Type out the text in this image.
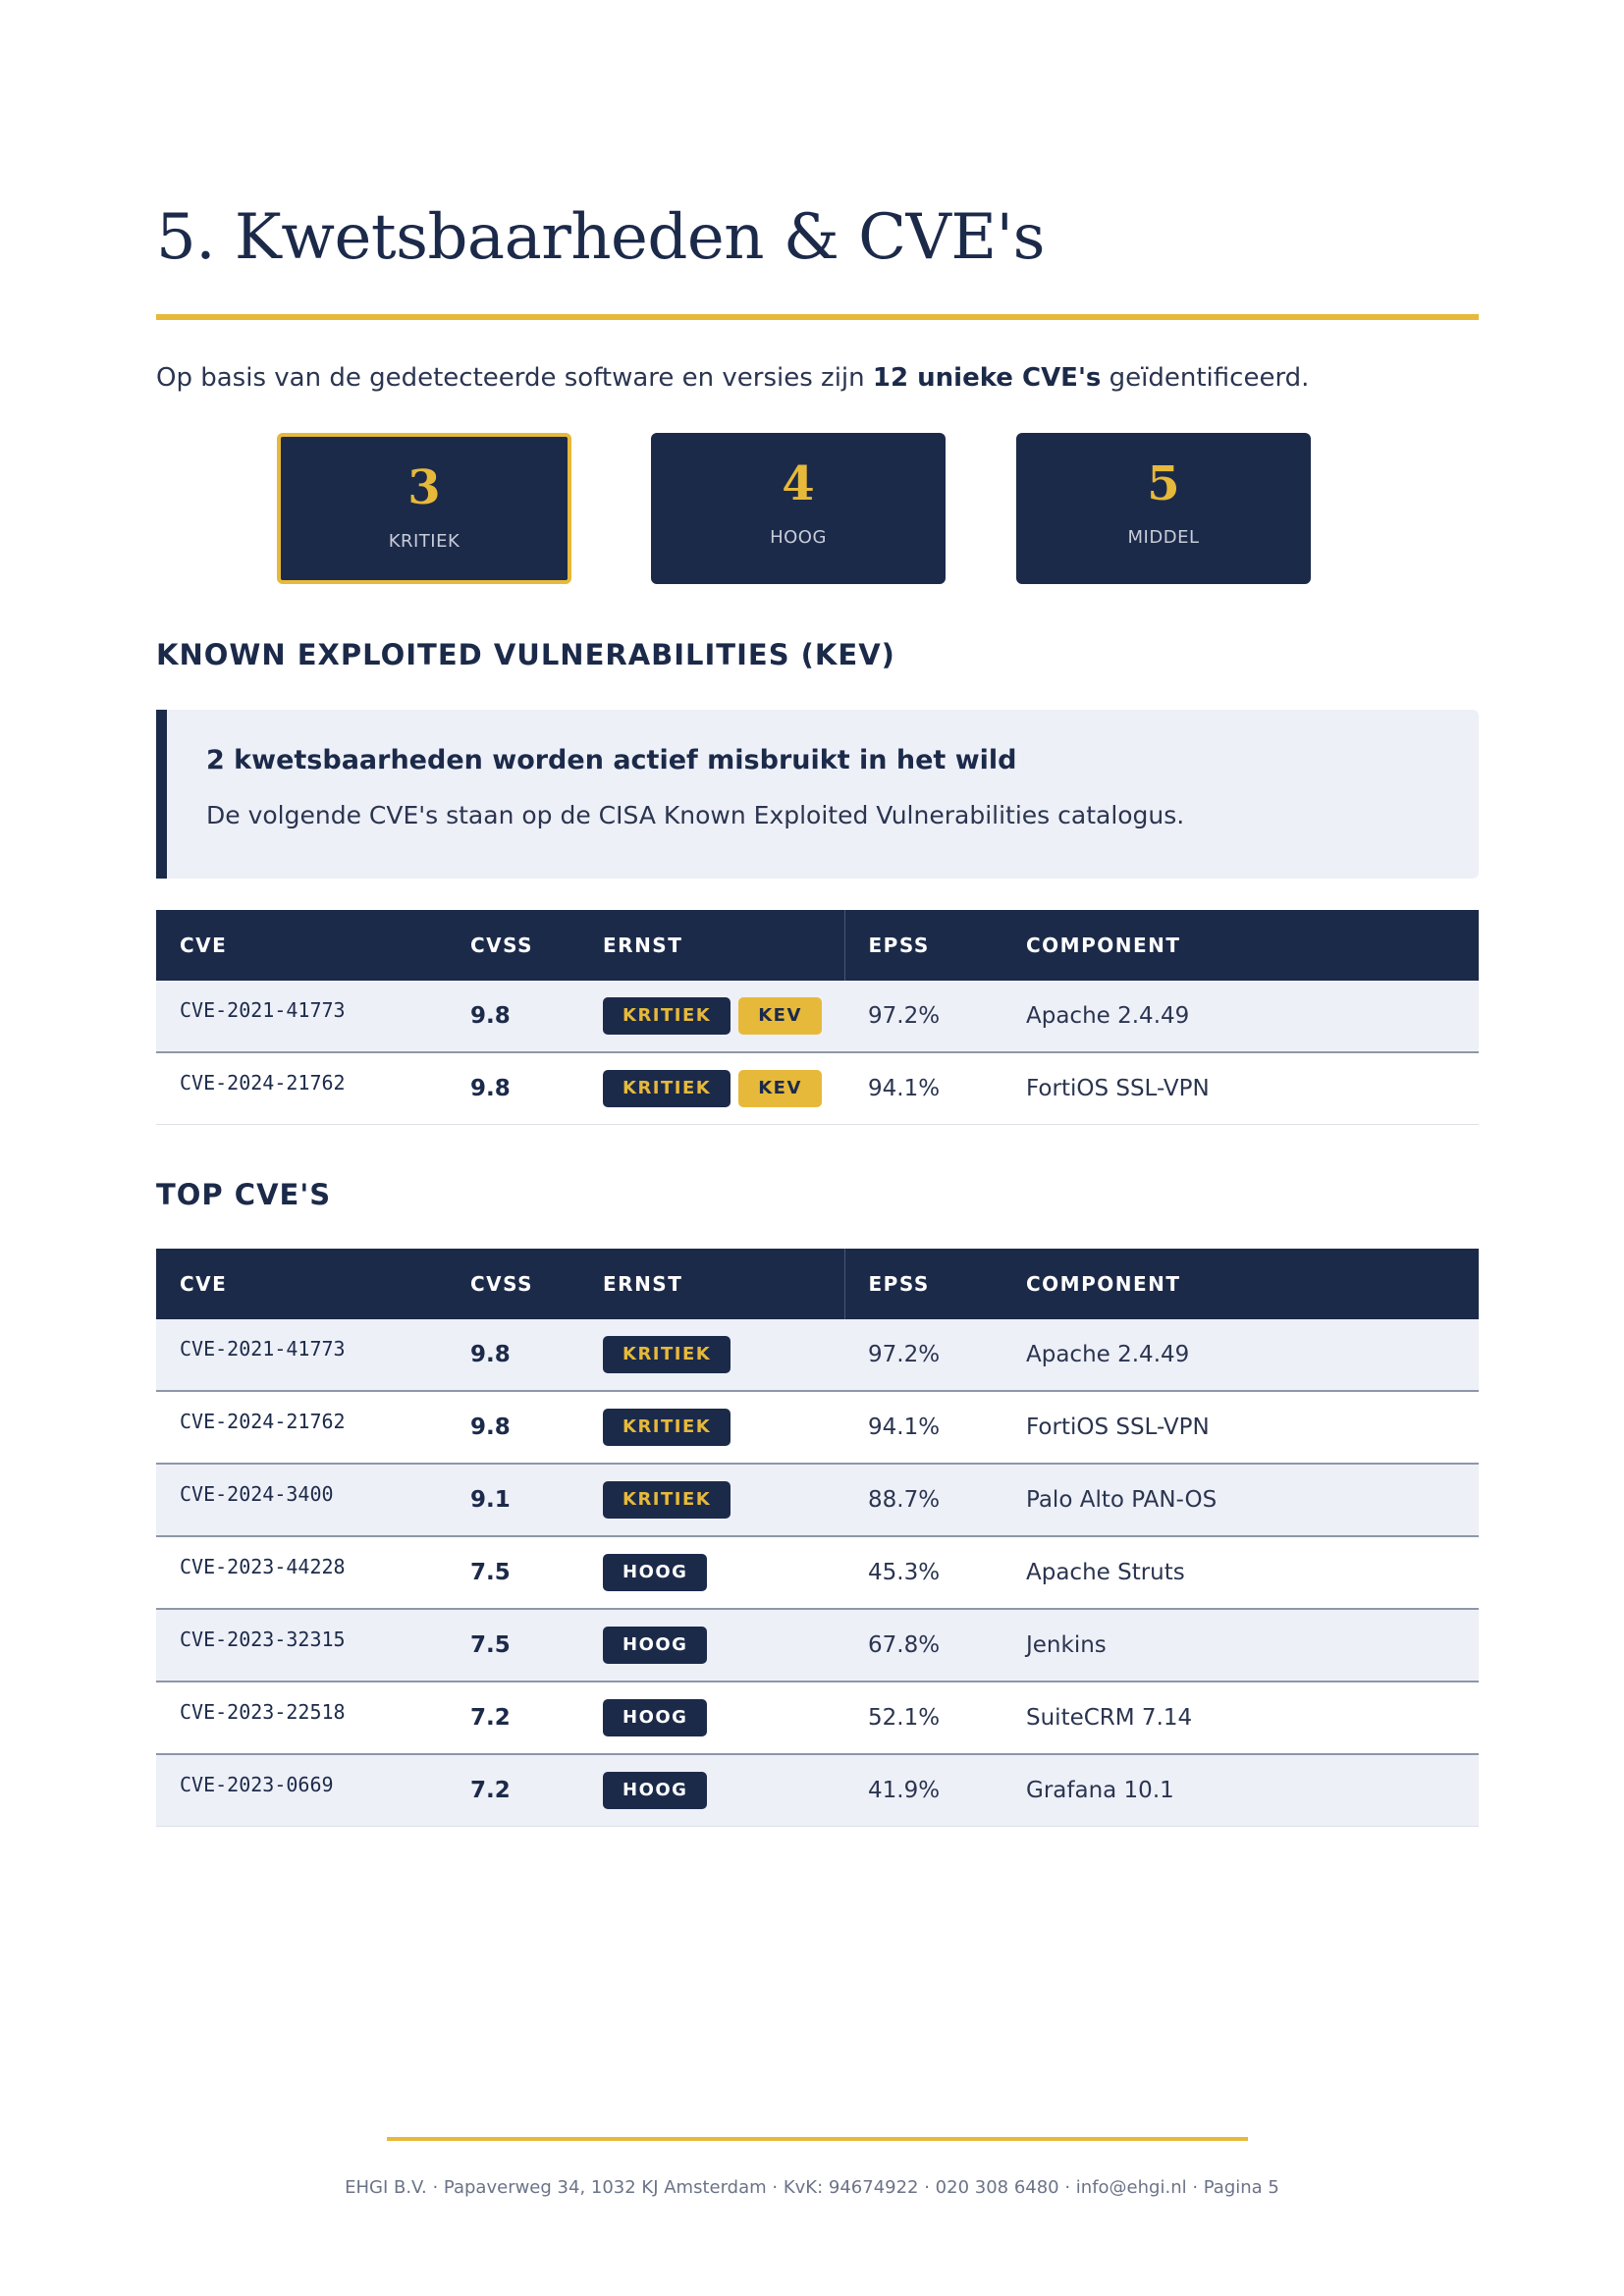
5. Kwetsbaarheden & CVE's
Op basis van de gedetecteerde software en versies zijn 12 unieke CVE's geïdentificeerd.
3
KRITIEK
4
HOOG
5
MIDDEL
KNOWN EXPLOITED VULNERABILITIES (KEV)
2 kwetsbaarheden worden actief misbruikt in het wild
De volgende CVE's staan op de CISA Known Exploited Vulnerabilities catalogus.
CVE	CVSS	ERNST	EPSS	COMPONENT
CVE-2021-41773	9.8	KRITIEK KEV	97.2%	Apache 2.4.49
CVE-2024-21762	9.8	KRITIEK KEV	94.1%	FortiOS SSL-VPN
TOP CVE'S
CVE	CVSS	ERNST	EPSS	COMPONENT
CVE-2021-41773	9.8	KRITIEK	97.2%	Apache 2.4.49
CVE-2024-21762	9.8	KRITIEK	94.1%	FortiOS SSL-VPN
CVE-2024-3400	9.1	KRITIEK	88.7%	Palo Alto PAN-OS
CVE-2023-44228	7.5	HOOG	45.3%	Apache Struts
CVE-2023-32315	7.5	HOOG	67.8%	Jenkins
CVE-2023-22518	7.2	HOOG	52.1%	SuiteCRM 7.14
CVE-2023-0669	7.2	HOOG	41.9%	Grafana 10.1
EHGI B.V. · Papaverweg 34, 1032 KJ Amsterdam · KvK: 94674922 · 020 308 6480 · info@ehgi.nl · Pagina 5
